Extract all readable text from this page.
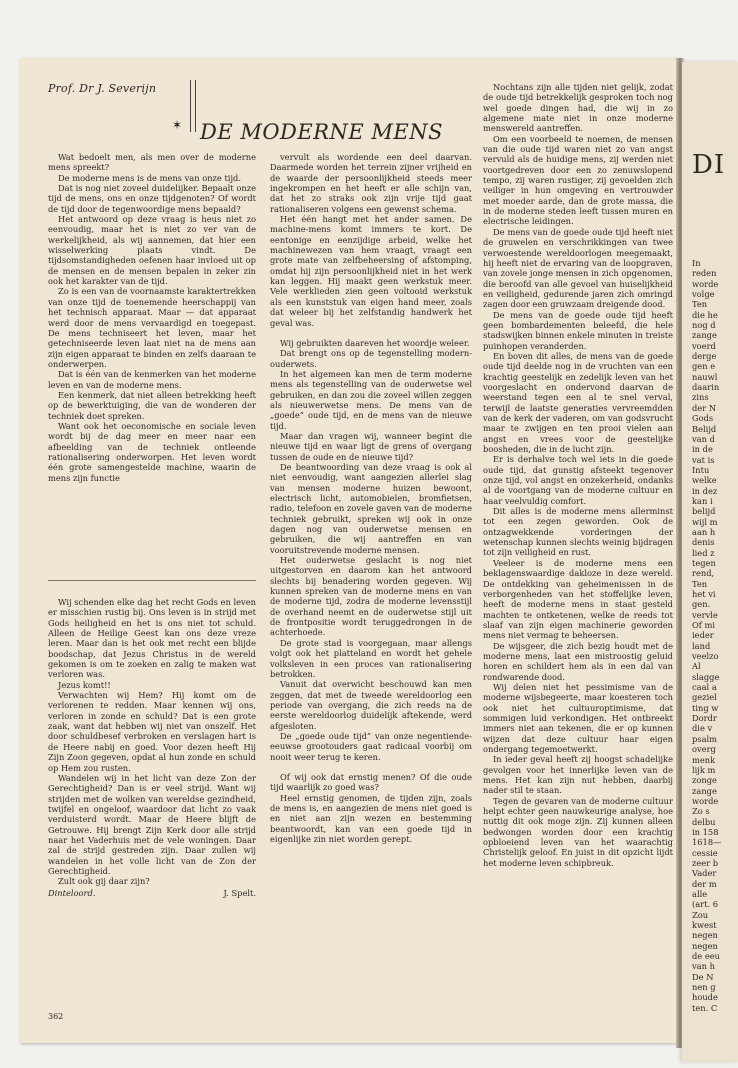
DI
In
reden
worde
volge
Ten
die he
nog d
zange
voerd
derge
gen e
nauwl
daarin
zins
der N
Gods
Belijd
van d
in de
vat is
Intu
welke
in dez
kan i
belijd
wijl m
aan h
denis
lied z
tegen
rend,
Ten
het vi
gen.
vervle
Of mi
ieder
land
veelzo
Al
slagge
caal a
geziel
ting w
Dordr
die v
psalm
overg
menk
lijk m
zonge
zange
worde
Zo s
delbu
in 158
1618—
cessie
zeer b
Vader
der m
alle
(art. 6
Zou
kwest
negen
negen
de eeu
van h
De N
nen g
houde
ten. C
Prof. Dr J. Severijn
✶ DE MODERNE MENS

Wat bedoelt men, als men over de moderne mens spreekt?

De moderne mens is de mens van onze tijd.

Dat is nog niet zoveel duidelijker. Bepaalt onze tijd de mens, ons en onze tijdgenoten? Of wordt de tijd door de tegenwoordige mens bepaald?

Het antwoord op deze vraag is heus niet zo eenvoudig, maar het is niet zo ver van de werkelijkheid, als wij aannemen, dat hier een wisselwerking plaats vindt. De tijdsomstandigheden oefenen haar invloed uit op de mensen en de mensen bepalen in zeker zin ook het karakter van de tijd.

Zo is een van de voornaamste karaktertrekken van onze tijd de toenemende heerschappij van het technisch apparaat. Maar — dat apparaat werd door de mens vervaardigd en toegepast. De mens techniseert het leven, maar het getechniseerde leven laat niet na de mens aan zijn eigen apparaat te binden en zelfs daaraan te onderwerpen.

Dat is één van de kenmerken van het moderne leven en van de moderne mens.

Een kenmerk, dat niet alleen betrekking heeft op de bewerktuiging, die van de wonderen der techniek doet spreken.

Want ook het oeconomische en sociale leven wordt bij de dag meer en meer naar een afbeelding van de techniek ontleende rationalisering onderworpen. Het leven wordt één grote samengestelde machine, waarin de mens zijn functie

Wij schenden elke dag het recht Gods en leven er misschien rustig bij. Ons leven is in strijd met Gods heiligheid en het is ons niet tot schuld. Alleen de Heilige Geest kan ons deze vreze leren. Maar dan is het ook met recht een blijde boodschap, dat Jezus Christus in de wereld gekomen is om te zoeken en zalig te maken wat verloren was.

Jezus komt!!

Verwachten wij Hem? Hij komt om de verlorenen te redden. Maar kennen wij ons, verloren in zonde en schuld? Dat is een grote zaak, want dat hebben wij niet van onszelf. Het door schuldbesef verbroken en verslagen hart is de Heere nabij en goed. Voor dezen heeft Hij Zijn Zoon gegeven, opdat al hun zonde en schuld op Hem zou rusten.

Wandelen wij in het licht van deze Zon der Gerechtigheid? Dan is er veel strijd. Want wij strijden met de wolken van wereldse gezindheid, twijfel en ongeloof, waardoor dat licht zo vaak verduisterd wordt. Maar de Heere blijft de Getrouwe. Hij brengt Zijn Kerk door alle strijd naar het Vaderhuis met de vele woningen. Daar zal de strijd gestreden zijn. Daar zullen wij wandelen in het volle licht van de Zon der Gerechtigheid.

Zult ook gij daar zijn?

Dinteloord.	J. Spelt.

vervult als wordende een deel daarvan. Daarmede worden het terrein zijner vrijheid en de waarde der persoonlijkheid steeds meer ingekrompen en het heeft er alle schijn van, dat het zo straks ook zijn vrije tijd gaat rationaliseren volgens een gewenst schema.

Het één hangt met het ander samen. De machine-mens komt immers te kort. De eentonige en eenzijdige arbeid, welke het machinewezen van hem vraagt, vraagt een grote mate van zelfbeheersing of afstomping, omdat hij zijn persoonlijkheid niet in het werk kan leggen. Hij maakt geen werkstuk meer. Vele werklieden zien geen voltooid werkstuk als een kunststuk van eigen hand meer, zoals dat weleer bij het zelfstandig handwerk het geval was.

Wij gebruikten daareven het woordje weleer.

Dat brengt ons op de tegenstelling modern-ouderwets.

In het algemeen kan men de term moderne mens als tegenstelling van de ouderwetse wel gebruiken, en dan zou die zoveel willen zeggen als nieuwerwetse mens. De mens van de „goede” oude tijd, en de mens van de nieuwe tijd.

Maar dan vragen wij, wanneer begint die nieuwe tijd en waar ligt de grens of overgang tussen de oude en de nieuwe tijd?

De beantwoording van deze vraag is ook al niet eenvoudig, want aangezien allerlei slag van mensen moderne huizen bewoont, electrisch licht, automobielen, bromfietsen, radio, telefoon en zovele gaven van de moderne techniek gebruikt, spreken wij ook in onze dagen nog van ouderwetse mensen en gebruiken, die wij aantreffen en van vooruitstrevende moderne mensen.

Het ouderwetse geslacht is nog niet uitgestorven en daarom kan het antwoord slechts bij benadering worden gegeven. Wij kunnen spreken van de moderne mens en van de moderne tijd, zodra de moderne levensstijl de overhand neemt en de ouderwetse stijl uit de frontpositie wordt teruggedrongen in de achterhoede.

De grote stad is voorgegaan, maar allengs volgt ook het platteland en wordt het gehele volksleven in een proces van rationalisering betrokken.

Vanuit dat overwicht beschouwd kan men zeggen, dat met de tweede wereldoorlog een periode van overgang, die zich reeds na de eerste wereldoorlog duidelijk aftekende, werd afgesloten.

De „goede oude tijd” van onze negentiende-eeuwse grootouders gaat radicaal voorbij om nooit weer terug te keren.

Of wij ook dat ernstig menen? Of die oude tijd waarlijk zo goed was?

Heel ernstig genomen, de tijden zijn, zoals de mens is, en aangezien de mens niet goed is en niet aan zijn wezen en bestemming beantwoordt, kan van een goede tijd in eigenlijke zin niet worden gerept.

Nochtans zijn alle tijden niet gelijk, zodat de oude tijd betrekkelijk gesproken toch nog wel goede dingen had, die wij in zo algemene mate niet in onze moderne menswereld aantreffen.

Om een voorbeeld te noemen, de mensen van die oude tijd waren niet zo van angst vervuld als de huidige mens, zij werden niet voortgedreven door een zo zenuwslopend tempo, zij waren rustiger, zij gevoelden zich veiliger in hun omgeving en vertrouwder met moeder aarde, dan de grote massa, die in de moderne steden leeft tussen muren en electrische leidingen.

De mens van de goede oude tijd heeft niet de gruwelen en verschrikkingen van twee verwoestende wereldoorlogen meegemaakt, hij heeft niet de ervaring van de loopgraven, van zovele jonge mensen in zich opgenomen, die beroofd van alle gevoel van huiselijkheid en veiligheid, gedurende jaren zich omringd zagen door een gruwzaam dreigende dood.

De mens van de goede oude tijd heeft geen bombardementen beleefd, die hele stadswijken binnen enkele minuten in treiste puinhopen veranderden.

En boven dit alles, de mens van de goede oude tijd deelde nog in de vruchten van een krachtig geestelijk en zedelijk leven van het voorgeslacht en ondervond daarvan de weerstand tegen een al te snel verval, terwijl de laatste generaties vervreemdden van de kerk der vaderen, om van godsvrucht maar te zwijgen en ten prooi vielen aan angst en vrees voor de geestelijke boosheden, die in de lucht zijn.

Er is derhalve toch wel iets in die goede oude tijd, dat gunstig afsteekt tegenover onze tijd, vol angst en onzekerheid, ondanks al de voortgang van de moderne cultuur en haar veelvuldig comfort.

Dit alles is de moderne mens allerminst tot een zegen geworden. Ook de ontzagwekkende vorderingen der wetenschap kunnen slechts weinig bijdragen tot zijn veiligheid en rust.

Veeleer is de moderne mens een beklagenswaardige dakloze in deze wereld. De ontdekking van geheimenissen in de verborgenheden van het stoffelijke leven, heeft de moderne mens in staat gesteld machten te ontketenen, welke de reeds tot slaaf van zijn eigen machinerie geworden mens niet vermag te beheersen.

De wijsgeer, die zich bezig houdt met de moderne mens, laat een mistroostig geluid horen en schildert hem als in een dal van rondwarende dood.

Wij delen niet het pessimisme van de moderne wijsbegeerte, maar koesteren toch ook niet het cultuuroptimisme, dat sommigen luid verkondigen. Het ontbreekt immers niet aan tekenen, die er op kunnen wijzen dat deze cultuur haar eigen ondergang tegemoetwerkt.

In ieder geval heeft zij hoogst schadelijke gevolgen voor het innerlijke leven van de mens. Het kan zijn nut hebben, daarbij nader stil te staan.

Tegen de gevaren van de moderne cultuur helpt echter geen nauwkeurige analyse, hoe nuttig dit ook moge zijn. Zij kunnen alleen bedwongen worden door een krachtig opbloeiend leven van het waarachtig Christelijk geloof. En juist in dit opzicht lijdt het moderne leven schipbreuk.

362
